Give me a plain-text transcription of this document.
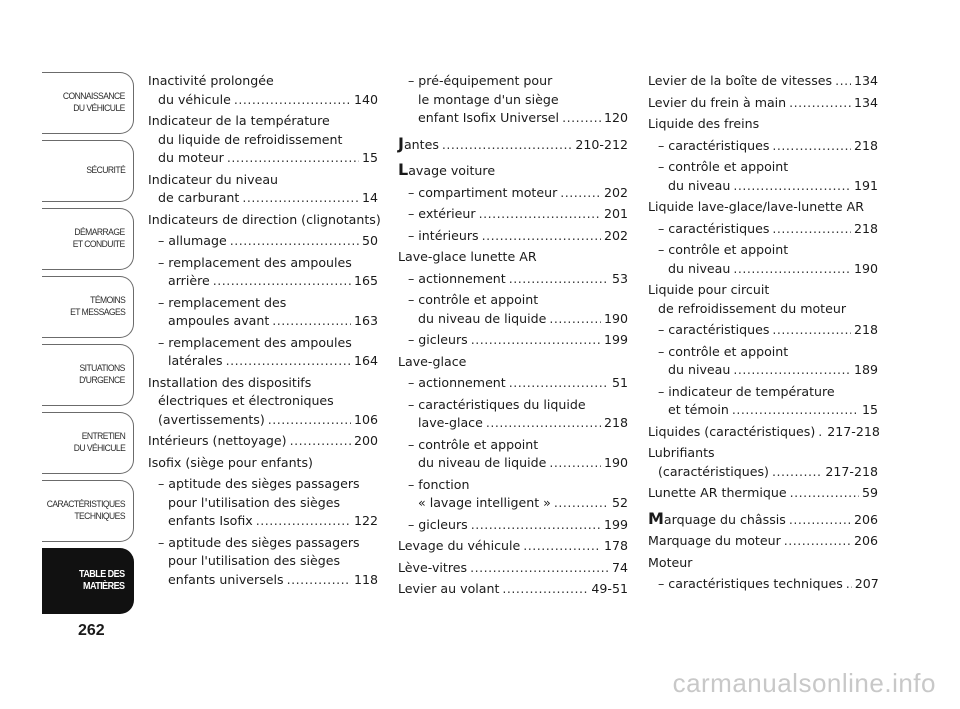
CONNAISSANCE
DU VÉHICULE
SÉCURITÉ
DÉMARRAGE
ET CONDUITE
TÉMOINS
ET MESSAGES
SITUATIONS
D'URGENCE
ENTRETIEN
DU VÉHICULE
CARACTÉRISTIQUES
TECHNIQUES
TABLE DES
MATIÈRES
262
Inactivité prolongée
du véhicule .....	140
Indicateur de la température
du liquide de refroidissement
du moteur .....	15
Indicateur du niveau
de carburant .....	14
Indicateurs de direction (clignotants)
– allumage .....	50
– remplacement des ampoules
arrière .....	165
– remplacement des
ampoules avant .....	163
– remplacement des ampoules
latérales .....	164
Installation des dispositifs
électriques et électroniques
(avertissements) .....	106
Intérieurs (nettoyage) .....	200
Isofix (siège pour enfants)
– aptitude des sièges passagers
pour l'utilisation des sièges
enfants Isofix .....	122
– aptitude des sièges passagers
pour l'utilisation des sièges
enfants universels .....	118
– pré-équipement pour
le montage d'un siège
enfant Isofix Universel .....	120
J antes .....	210-212
L avage voiture
– compartiment moteur .....	202
– extérieur .....	201
– intérieurs .....	202
Lave-glace lunette AR
– actionnement .....	53
– contrôle et appoint
du niveau de liquide .....	190
– gicleurs .....	199
Lave-glace
– actionnement .....	51
– caractéristiques du liquide
lave-glace .....	218
– contrôle et appoint
du niveau de liquide .....	190
– fonction
« lavage intelligent » .....	52
– gicleurs .....	199
Levage du véhicule .....	178
Lève-vitres .....	74
Levier au volant .....	49-51
Levier de la boîte de vitesses ..... 134
Levier du frein à main .....	134
Liquide des freins
– caractéristiques .....	218
– contrôle et appoint
du niveau .....	191
Liquide lave-glace/lave-lunette AR
– caractéristiques .....	218
– contrôle et appoint
du niveau .....	190
Liquide pour circuit
de refroidissement du moteur
– caractéristiques .....	218
– contrôle et appoint
du niveau .....	189
– indicateur de température
et témoin .....	15
Liquides (caractéristiques) ..... 217-218
Lubrifiants
(caractéristiques) .....	217-218
Lunette AR thermique .....	59
M arquage du châssis .....	206
Marquage du moteur .....	206
Moteur
– caractéristiques techniques ..... 207
carmanualsonline.info
